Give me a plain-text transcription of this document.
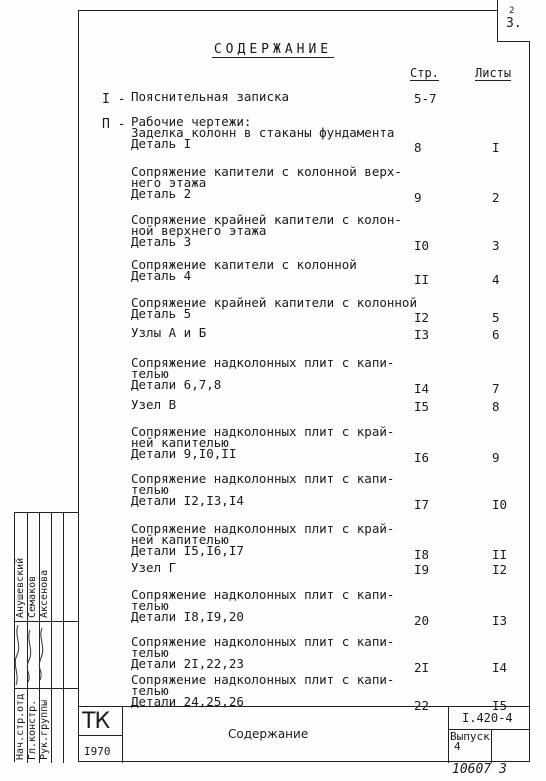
2
3.
СОДЕРЖАНИЕ
Стр.	Листы
I - Пояснительная записка	5-7
П - Рабочие чертежи:
Заделка колонн в стаканы фундамента
Деталь I	8	I
Сопряжение капители с колонной верх-
него этажа
Деталь 2	9	2
Сопряжение крайней капители с колон-
ной верхнего этажа
Деталь 3	I0	3
Сопряжение капители с колонной
Деталь 4	II	4
Сопряжение крайней капители с колонной
Деталь 5	I2	5
Узлы А и Б	I3	6
Сопряжение надколонных плит с капи-
телью
Детали 6,7,8	I4	7
Узел В	I5	8
Сопряжение надколонных плит с край-
ней капителью
Детали 9,I0,II	I6	9
Сопряжение надколонных плит с капи-
телью
Детали I2,I3,I4	I7	I0
Сопряжение надколонных плит с край-
ней капителью
Детали I5,I6,I7	I8	II
Узел Г	I9	I2
Сопряжение надколонных плит с капи-
телью
Детали I8,I9,20	20	I3
Сопряжение надколонных плит с капи-
телью
Детали 2I,22,23	2I	I4
Сопряжение надколонных плит с капи-
телью
Детали 24,25,26	22	I5
ТК
I970
Содержание
I.420-4
Выпуск
4
10607 3
Нач.стр.отд Гл.констр. Рук.группы
Анушевский Семаков Аксенова
